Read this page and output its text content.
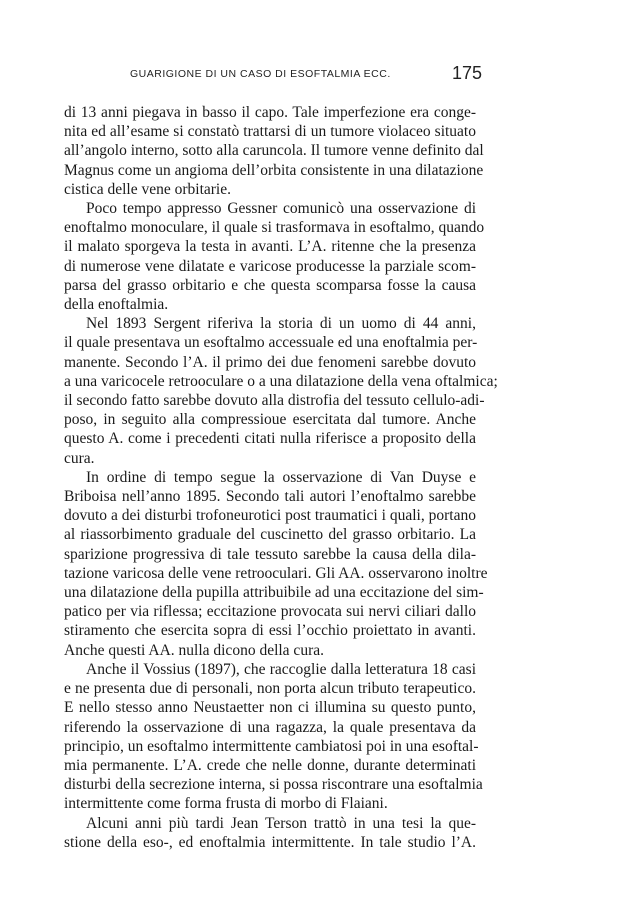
GUARIGIONE DI UN CASO DI ESOFTALMIA ECC.	175
di 13 anni piegava in basso il capo. Tale imperfezione era conge-
nita ed all’esame si constatò trattarsi di un tumore violaceo situato
all’angolo interno, sotto alla caruncola. Il tumore venne definito dal
Magnus come un angioma dell’orbita consistente in una dilatazione
cistica delle vene orbitarie.
Poco tempo appresso Gessner comunicò una osservazione di
enoftalmo monoculare, il quale si trasformava in esoftalmo, quando
il malato sporgeva la testa in avanti. L’A. ritenne che la presenza
di numerose vene dilatate e varicose producesse la parziale scom-
parsa del grasso orbitario e che questa scomparsa fosse la causa
della enoftalmia.
Nel 1893 Sergent riferiva la storia di un uomo di 44 anni,
il quale presentava un esoftalmo accessuale ed una enoftalmia per-
manente. Secondo l’A. il primo dei due fenomeni sarebbe dovuto
a una varicocele retrooculare o a una dilatazione della vena oftalmica;
il secondo fatto sarebbe dovuto alla distrofia del tessuto cellulo-adi-
poso, in seguito alla compressioue esercitata dal tumore. Anche
questo A. come i precedenti citati nulla riferisce a proposito della
cura.
In ordine di tempo segue la osservazione di Van Duyse e
Briboisa nell’anno 1895. Secondo tali autori l’enoftalmo sarebbe
dovuto a dei disturbi trofoneurotici post traumatici i quali, portano
al riassorbimento graduale del cuscinetto del grasso orbitario. La
sparizione progressiva di tale tessuto sarebbe la causa della dila-
tazione varicosa delle vene retrooculari. Gli AA. osservarono inoltre
una dilatazione della pupilla attribuibile ad una eccitazione del sim-
patico per via riflessa; eccitazione provocata sui nervi ciliari dallo
stiramento che esercita sopra di essi l’occhio proiettato in avanti.
Anche questi AA. nulla dicono della cura.
Anche il Vossius (1897), che raccoglie dalla letteratura 18 casi
e ne presenta due di personali, non porta alcun tributo terapeutico.
E nello stesso anno Neustaetter non ci illumina su questo punto,
riferendo la osservazione di una ragazza, la quale presentava da
principio, un esoftalmo intermittente cambiatosi poi in una esoftal-
mia permanente. L’A. crede che nelle donne, durante determinati
disturbi della secrezione interna, si possa riscontrare una esoftalmia
intermittente come forma frusta di morbo di Flaiani.
Alcuni anni più tardi Jean Terson trattò in una tesi la que-
stione della eso-, ed enoftalmia intermittente. In tale studio l’A.
